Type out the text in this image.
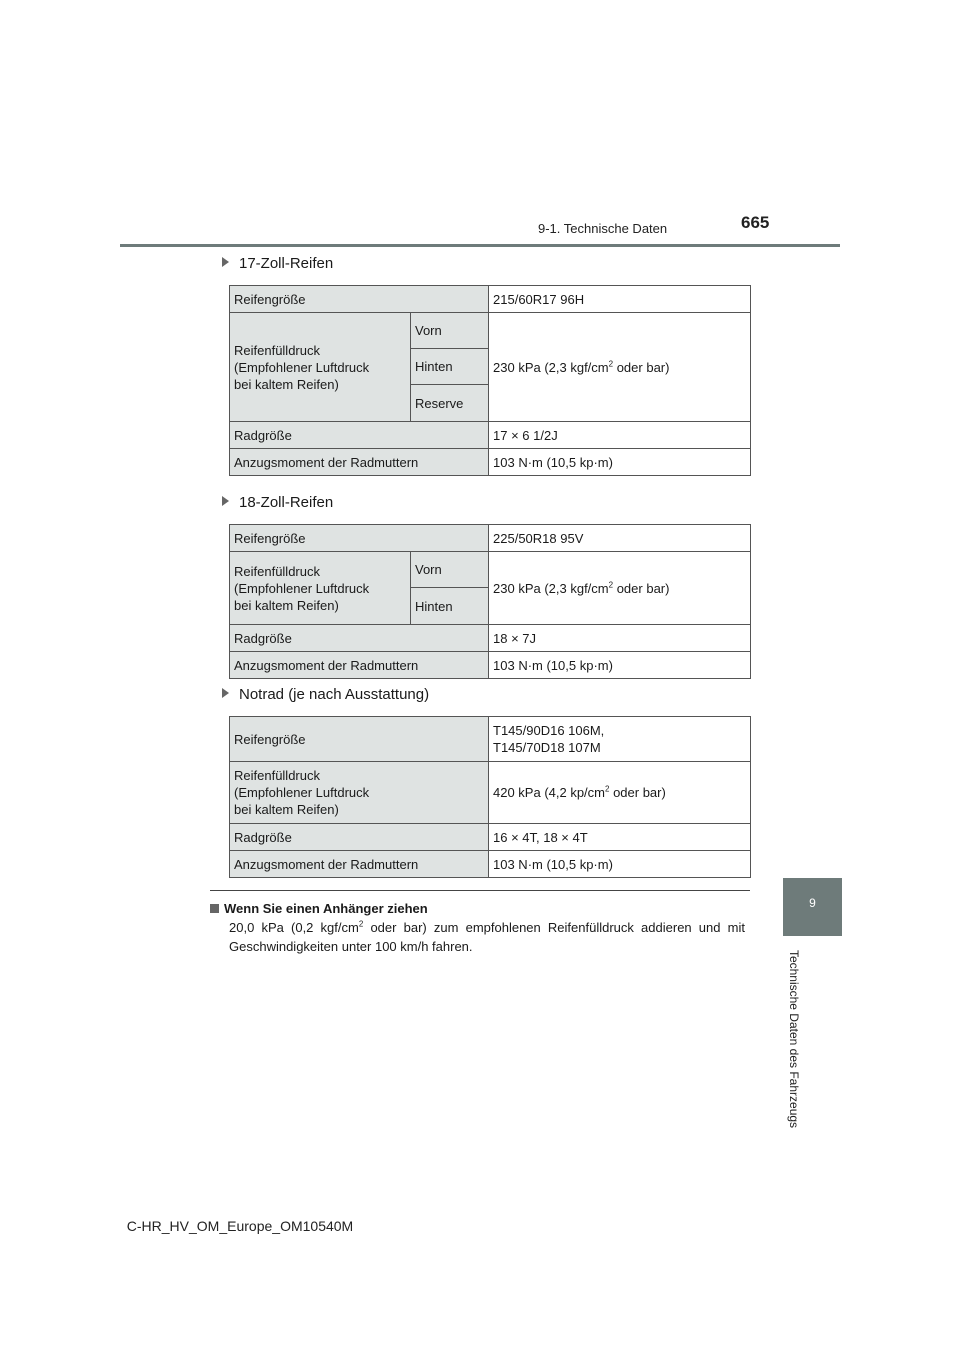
9-1. Technische Daten	665
9
Technische Daten des Fahrzeugs
17-Zoll-Reifen
Reifengröße		215/60R17 96H
Reifenfülldruck
(Empfohlener Luftdruck
bei kaltem Reifen)	Vorn	230 kPa (2,3 kgf/$cm^2$ oder bar)
	Hinten	
	Reserve	
Radgröße		17 × 6 1/2J
Anzugsmoment der Radmuttern		103 N·m (10,5 kp·m)
18-Zoll-Reifen
Reifengröße		225/50R18 95V
Reifenfülldruck
(Empfohlener Luftdruck
bei kaltem Reifen)	Vorn	230 kPa (2,3 kgf/$cm^2$ oder bar)
	Hinten	
Radgröße		18 × 7J
Anzugsmoment der Radmuttern		103 N·m (10,5 kp·m)
Notrad (je nach Ausstattung)
Reifengröße	T145/90D16 106M,
T145/70D18 107M
Reifenfülldruck
(Empfohlener Luftdruck
bei kaltem Reifen)	420 kPa (4,2 $kp/cm^2$ oder bar)
Radgröße	16 × 4T, 18 × 4T
Anzugsmoment der Radmuttern	103 N·m (10,5 kp·m)
Wenn Sie einen Anhänger ziehen
20,0 kPa (0,2 kgf/$cm^2$ oder bar) zum empfohlenen Reifenfülldruck addieren und mit Geschwindigkeiten unter 100 km/h fahren.
C-HR_HV_OM_Europe_OM10540M
